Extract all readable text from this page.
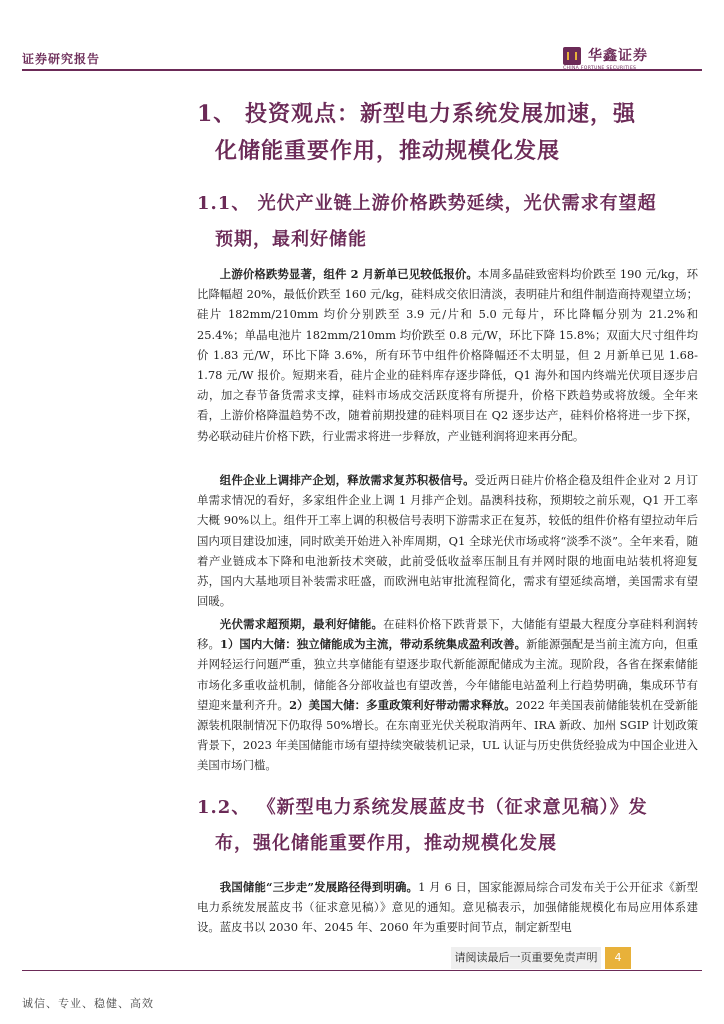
证券研究报告	华鑫证券
1、 投资观点：新型电力系统发展加速，强
化储能重要作用，推动规模化发展
1.1、 光伏产业链上游价格跌势延续，光伏需求有望超
预期，最利好储能

上游价格跌势显著，组件 2 月新单已见较低报价。本周多晶硅致密料均价跌至 190 元/kg，环比降幅超 20%，最低价跌至 160 元/kg，硅料成交依旧清淡，表明硅片和组件制造商持观望立场；硅片 182mm/210mm 均价分别跌至 3.9 元/片和 5.0 元每片，环比降幅分别为 21.2%和 25.4%；单晶电池片 182mm/210mm 均价跌至 0.8 元/W，环比下降 15.8%；双面大尺寸组件均价 1.83 元/W，环比下降 3.6%，所有环节中组件价格降幅还不太明显，但 2 月新单已见 1.68-1.78 元/W 报价。短期来看，硅片企业的硅料库存逐步降低，Q1 海外和国内终端光伏项目逐步启动，加之春节备货需求支撑，硅料市场成交活跃度将有所提升，价格下跌趋势或将放缓。全年来看，上游价格降温趋势不改，随着前期投建的硅料项目在 Q2 逐步达产，硅料价格将进一步下探，势必联动硅片价格下跌，行业需求将进一步释放，产业链利润将迎来再分配。

组件企业上调排产企划，释放需求复苏积极信号。受近两日硅片价格企稳及组件企业对 2 月订单需求情况的看好，多家组件企业上调 1 月排产企划。晶澳科技称，预期较之前乐观，Q1 开工率大概 90%以上。组件开工率上调的积极信号表明下游需求正在复苏，较低的组件价格有望拉动年后国内项目建设加速，同时欧美开始进入补库周期，Q1 全球光伏市场或将“淡季不淡”。全年来看，随着产业链成本下降和电池新技术突破，此前受低收益率压制且有并网时限的地面电站装机将迎复苏，国内大基地项目补装需求旺盛，而欧洲电站审批流程简化，需求有望延续高增，美国需求有望回暖。

光伏需求超预期，最利好储能。在硅料价格下跌背景下，大储能有望最大程度分享硅料利润转移。1）国内大储：独立储能成为主流，带动系统集成盈利改善。新能源强配是当前主流方向，但重并网轻运行问题严重，独立共享储能有望逐步取代新能源配储成为主流。现阶段，各省在探索储能市场化多重收益机制，储能各分部收益也有望改善，今年储能电站盈利上行趋势明确，集成环节有望迎来量利齐升。2）美国大储：多重政策利好带动需求释放。2022 年美国表前储能装机在受新能源装机限制情况下仍取得 50%增长。在东南亚光伏关税取消两年、IRA 新政、加州 SGIP 计划政策背景下，2023 年美国储能市场有望持续突破装机记录，UL 认证与历史供货经验成为中国企业进入美国市场门槛。

1.2、 《新型电力系统发展蓝皮书（征求意见稿）》发
布，强化储能重要作用，推动规模化发展

我国储能“三步走”发展路径得到明确。1 月 6 日，国家能源局综合司发布关于公开征求《新型电力系统发展蓝皮书（征求意见稿）》意见的通知。意见稿表示，加强储能规模化布局应用体系建设。蓝皮书以 2030 年、2045 年、2060 年为重要时间节点，制定新型电

请阅读最后一页重要免责声明	4
诚信、专业、稳健、高效
